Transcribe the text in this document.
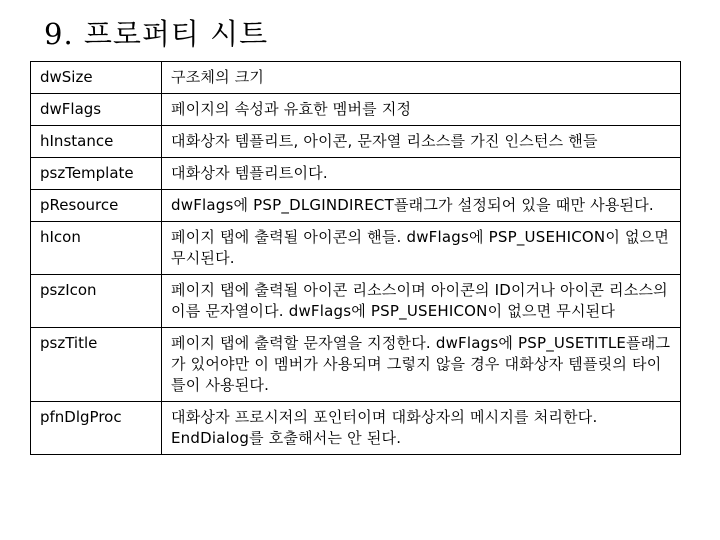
9. 프로퍼티 시트
dwSize	구조체의 크기
dwFlags	페이지의 속성과 유효한 멤버를 지정
hInstance	대화상자 템플리트, 아이콘, 문자열 리소스를 가진 인스턴스 핸들
pszTemplate	대화상자 템플리트이다.
pResource	dwFlags에 PSP_DLGINDIRECT플래그가 설정되어 있을 때만 사용된다.
hIcon	페이지 탭에 출력될 아이콘의 핸들. dwFlags에 PSP_USEHICON이 없으면 무시된다.
pszIcon	페이지 탭에 출력될 아이콘 리소스이며 아이콘의 ID이거나 아이콘 리소스의 이름 문자열이다. dwFlags에 PSP_USEHICON이 없으면 무시된다
pszTitle	페이지 탭에 출력할 문자열을 지정한다. dwFlags에 PSP_USETITLE플래그가 있어야만 이 멤버가 사용되며 그렇지 않을 경우 대화상자 템플릿의 타이틀이 사용된다.
pfnDlgProc	대화상자 프로시저의 포인터이며 대화상자의 메시지를 처리한다. EndDialog를 호출해서는 안 된다.
